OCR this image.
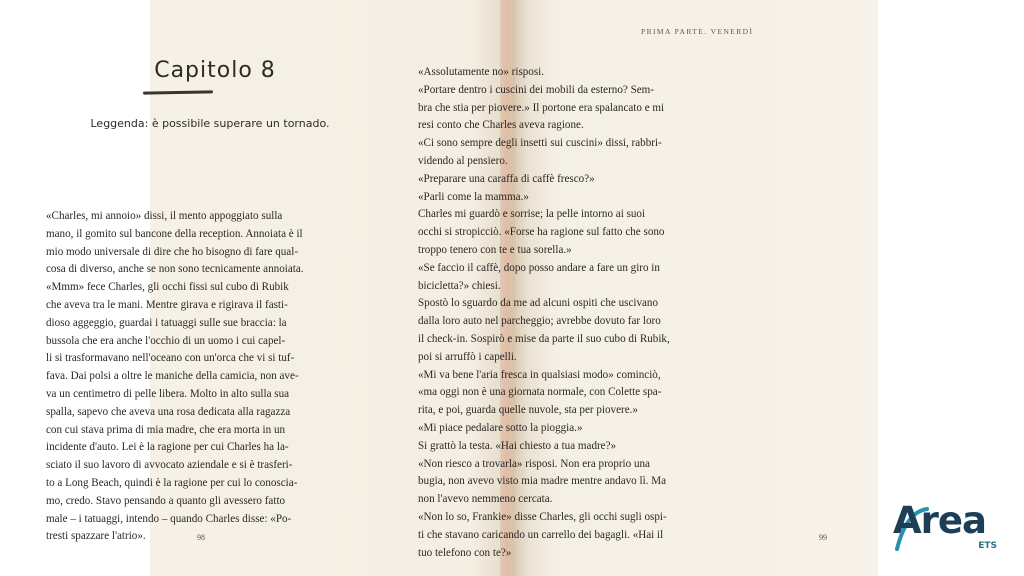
Capitolo 8
Leggenda: è possibile superare un tornado.
«Charles, mi annoio» dissi, il mento appoggiato sulla
mano, il gomito sul bancone della reception. Annoiata è il
mio modo universale di dire che ho bisogno di fare qual-
cosa di diverso, anche se non sono tecnicamente annoiata.
«Mmm» fece Charles, gli occhi fissi sul cubo di Rubik
che aveva tra le mani. Mentre girava e rigirava il fasti-
dioso aggeggio, guardai i tatuaggi sulle sue braccia: la
bussola che era anche l'occhio di un uomo i cui capel-
li si trasformavano nell'oceano con un'orca che vi si tuf-
fava. Dai polsi a oltre le maniche della camicia, non ave-
va un centimetro di pelle libera. Molto in alto sulla sua
spalla, sapevo che aveva una rosa dedicata alla ragazza
con cui stava prima di mia madre, che era morta in un
incidente d'auto. Lei è la ragione per cui Charles ha la-
sciato il suo lavoro di avvocato aziendale e si è trasferi-
to a Long Beach, quindi è la ragione per cui lo conoscia-
mo, credo. Stavo pensando a quanto gli avessero fatto
male – i tatuaggi, intendo – quando Charles disse: «Po-
tresti spazzare l'atrio».	98
PRIMA PARTE. VENERDÌ
«Assolutamente no» risposi.
«Portare dentro i cuscini dei mobili da esterno? Sem-
bra che stia per piovere.» Il portone era spalancato e mi
resi conto che Charles aveva ragione.
«Ci sono sempre degli insetti sui cuscini» dissi, rabbri-
videndo al pensiero.
«Preparare una caraffa di caffè fresco?»
«Parli come la mamma.»
Charles mi guardò e sorrise; la pelle intorno ai suoi
occhi si stropicciò. «Forse ha ragione sul fatto che sono
troppo tenero con te e tua sorella.»
«Se faccio il caffè, dopo posso andare a fare un giro in
bicicletta?» chiesi.
Spostò lo sguardo da me ad alcuni ospiti che uscivano
dalla loro auto nel parcheggio; avrebbe dovuto far loro
il check-in. Sospirò e mise da parte il suo cubo di Rubik,
poi si arruffò i capelli.
«Mi va bene l'aria fresca in qualsiasi modo» cominciò,
«ma oggi non è una giornata normale, con Colette spa-
rita, e poi, guarda quelle nuvole, sta per piovere.»
«Mi piace pedalare sotto la pioggia.»
Si grattò la testa. «Hai chiesto a tua madre?»
«Non riesco a trovarla» risposi. Non era proprio una
bugia, non avevo visto mia madre mentre andavo lì. Ma
non l'avevo nemmeno cercata.
«Non lo so, Frankie» disse Charles, gli occhi sugli ospi-
ti che stavano caricando un carrello dei bagagli. «Hai il
tuo telefono con te?»
99 Area
ETS
